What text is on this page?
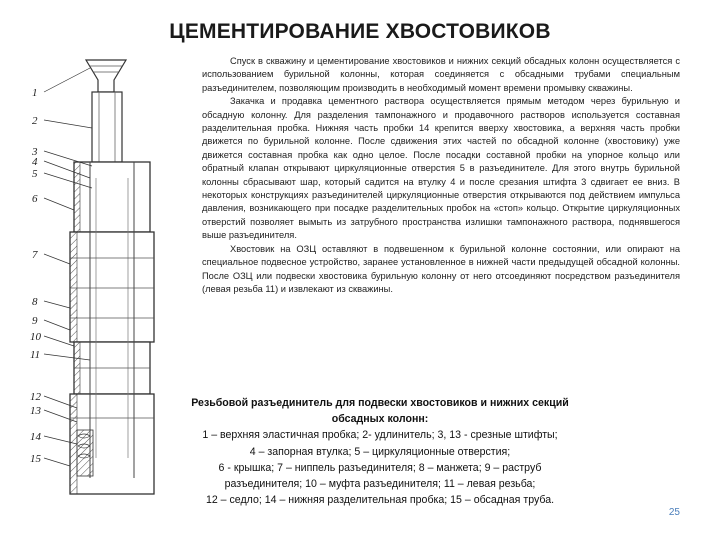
ЦЕМЕНТИРОВАНИЕ ХВОСТОВИКОВ
1
2
3
4
5
6
7
8
9
10
11
12
13
14
15

Спуск в скважину и цементирование хвостовиков и нижних секций обсадных колонн осуществляется с использованием бурильной колонны, которая соединяется с обсадными трубами специальным разъединителем, позволяющим производить в необходимый момент времени промывку скважины.

Закачка и продавка цементного раствора осуществляется прямым методом через бурильную и обсадную колонну. Для разделения тампонажного и продавочного растворов используется составная разделительная пробка. Нижняя часть пробки 14 крепится вверху хвостовика, а верхняя часть пробки движется по бурильной колонне. После сдвижения этих частей по обсадной колонне (хвостовику) уже движется составная пробка как одно целое. После посадки составной пробки на упорное кольцо или обратный клапан открывают циркуляционные отверстия 5 в разъединителе. Для этого внутрь бурильной колонны сбрасывают шар, который садится на втулку 4 и после срезания штифта 3 сдвигает ее вниз. В некоторых конструкциях разъединителей циркуляционные отверстия открываются под действием импульса давления, возникающего при посадке разделительных пробок на «стоп» кольцо. Открытие циркуляционных отверстий позволяет вымыть из затрубного пространства излишки тампонажного раствора, поднявшегося выше разъединителя.

Хвостовик на ОЗЦ оставляют в подвешенном к бурильной колонне состоянии, или опирают на специальное подвесное устройство, заранее установленное в нижней части предыдущей обсадной колонны. После ОЗЦ или подвески хвостовика бурильную колонну от него отсоединяют посредством разъединителя (левая резьба 11) и извлекают из скважины.

Резьбовой разъединитель для подвески хвостовиков и нижних секций обсадных колонн:
1 – верхняя эластичная пробка; 2- удлинитель; 3, 13 - срезные штифты;
4 – запорная втулка; 5 – циркуляционные отверстия;
6 - крышка; 7 – ниппель разъединителя; 8 – манжета; 9 – раструб
разъединителя; 10 – муфта разъединителя; 11 – левая резьба;
12 – седло; 14 – нижняя разделительная пробка; 15 – обсадная труба.
25
